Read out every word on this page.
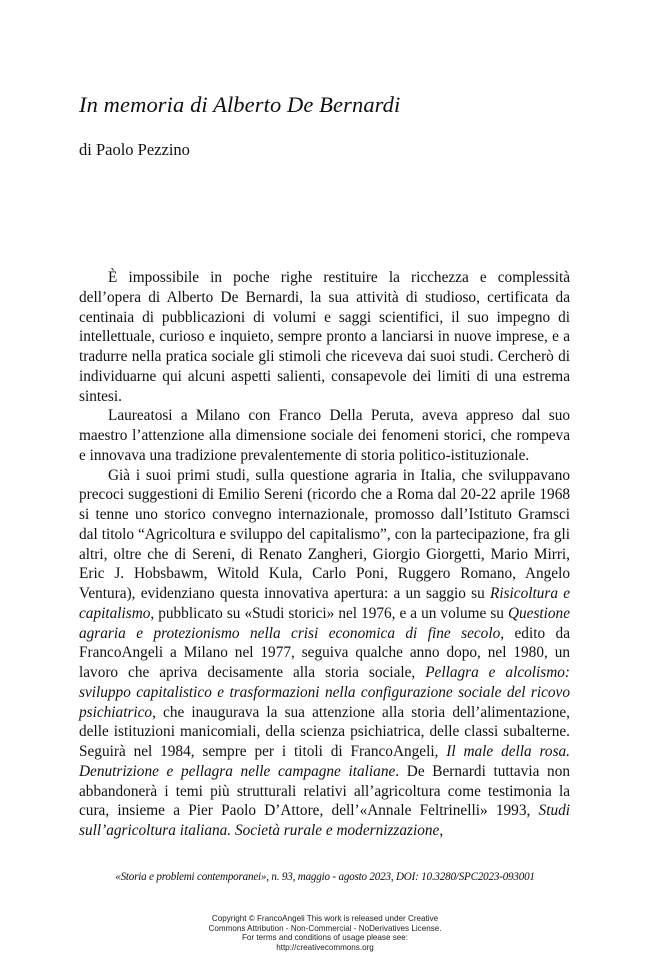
In memoria di Alberto De Bernardi
di Paolo Pezzino

È impossibile in poche righe restituire la ricchezza e complessità dell’opera di Alberto De Bernardi, la sua attività di studioso, certificata da centinaia di pubblicazioni di volumi e saggi scientifici, il suo impegno di intellettuale, curioso e inquieto, sempre pronto a lanciarsi in nuove imprese, e a tradurre nella pratica sociale gli stimoli che riceveva dai suoi studi. Cercherò di individuarne qui alcuni aspetti salienti, consapevole dei limiti di una estrema sintesi.

Laureatosi a Milano con Franco Della Peruta, aveva appreso dal suo maestro l’attenzione alla dimensione sociale dei fenomeni storici, che rompeva e innovava una tradizione prevalentemente di storia politico-istituzionale.

Già i suoi primi studi, sulla questione agraria in Italia, che sviluppavano precoci suggestioni di Emilio Sereni (ricordo che a Roma dal 20-22 aprile 1968 si tenne uno storico convegno internazionale, promosso dall’Istituto Gramsci dal titolo “Agricoltura e sviluppo del capitalismo”, con la partecipazione, fra gli altri, oltre che di Sereni, di Renato Zangheri, Giorgio Giorgetti, Mario Mirri, Eric J. Hobsbawm, Witold Kula, Carlo Poni, Ruggero Romano, Angelo Ventura), evidenziano questa innovativa apertura: a un saggio su Risicoltura e capitalismo, pubblicato su «Studi storici» nel 1976, e a un volume su Questione agraria e protezionismo nella crisi economica di fine secolo, edito da FrancoAngeli a Milano nel 1977, seguiva qualche anno dopo, nel 1980, un lavoro che apriva decisamente alla storia sociale, Pellagra e alcolismo: sviluppo capitalistico e trasformazioni nella configurazione sociale del ricovo psichiatrico, che inaugurava la sua attenzione alla storia dell’alimentazione, delle istituzioni manicomiali, della scienza psichiatrica, delle classi subalterne. Seguirà nel 1984, sempre per i titoli di FrancoAngeli, Il male della rosa. Denutrizione e pellagra nelle campagne italiane. De Bernardi tuttavia non abbandonerà i temi più strutturali relativi all’agricoltura come testimonia la cura, insieme a Pier Paolo D’Attore, dell’«Annale Feltrinelli» 1993, Studi sull’agricoltura italiana. Società rurale e modernizzazione,

«Storia e problemi contemporanei», n. 93, maggio - agosto 2023, DOI: 10.3280/SPC2023-093001
Copyright © FrancoAngeli This work is released under Creative
Commons Attribution - Non-Commercial - NoDerivatives License.
For terms and conditions of usage please see:
http://creativecommons.org
